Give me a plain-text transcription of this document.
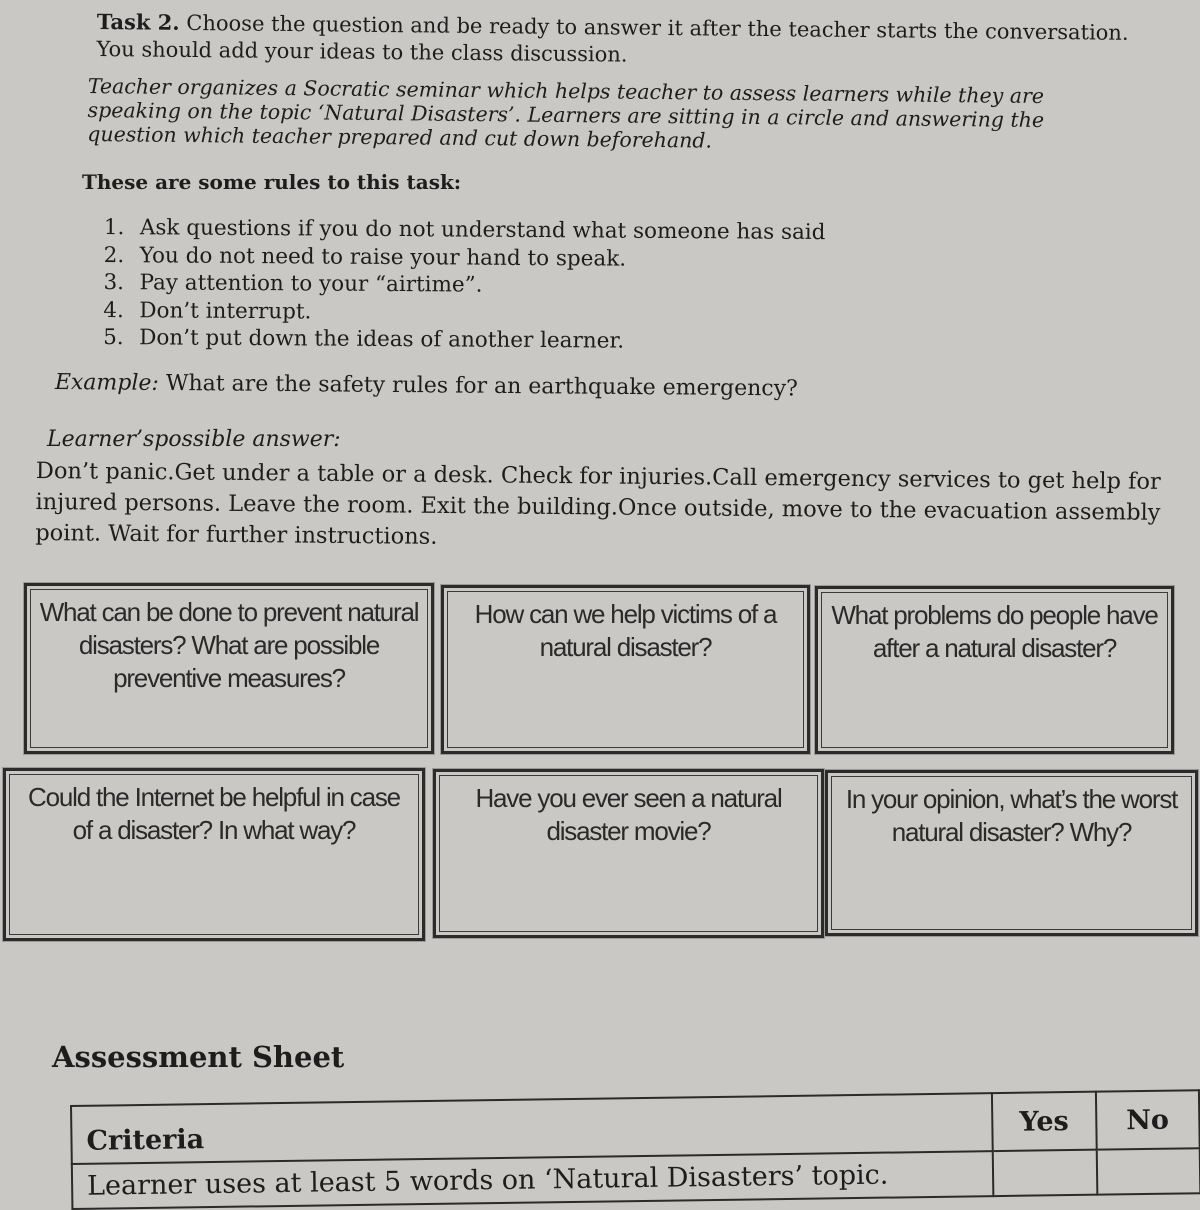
Task 2. Choose the question and be ready to answer it after the teacher starts the conversation. You should add your ideas to the class discussion.
Teacher organizes a Socratic seminar which helps teacher to assess learners while they are speaking on the topic ‘Natural Disasters’. Learners are sitting in a circle and answering the question which teacher prepared and cut down beforehand.
These are some rules to this task:
1. Ask questions if you do not understand what someone has said
2. You do not need to raise your hand to speak.
3. Pay attention to your “airtime”.
4. Don’t interrupt.
5. Don’t put down the ideas of another learner.
Example: What are the safety rules for an earthquake emergency?
Learner’spossible answer:
Don’t panic.Get under a table or a desk. Check for injuries.Call emergency services to get help for injured persons. Leave the room. Exit the building.Once outside, move to the evacuation assembly point. Wait for further instructions.
What can be done to prevent natural disasters? What are possible preventive measures?
How can we help victims of a natural disaster?
What problems do people have after a natural disaster?
Could the Internet be helpful in case of a disaster? In what way?
Have you ever seen a natural disaster movie?
In your opinion, what’s the worst natural disaster? Why?
Assessment Sheet
Criteria	Yes	No
Learner uses at least 5 words on ‘Natural Disasters’ topic.		
